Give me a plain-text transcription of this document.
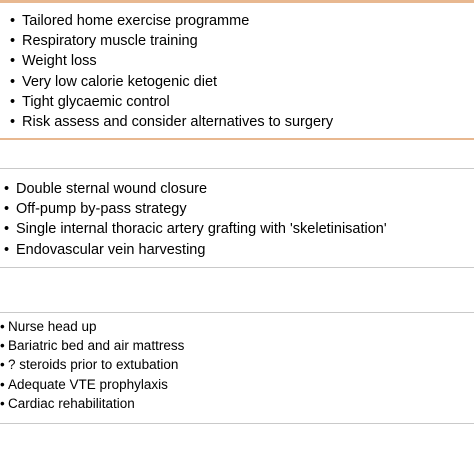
• Tailored home exercise programme
• Respiratory muscle training
• Weight loss
• Very low calorie ketogenic diet
• Tight glycaemic control
• Risk assess and consider alternatives to surgery
• Double sternal wound closure
• Off-pump by-pass strategy
• Single internal thoracic artery grafting with 'skeletinisation'
• Endovascular vein harvesting
• Nurse head up
• Bariatric bed and air mattress
• ? steroids prior to extubation
• Adequate VTE prophylaxis
• Cardiac rehabilitation
